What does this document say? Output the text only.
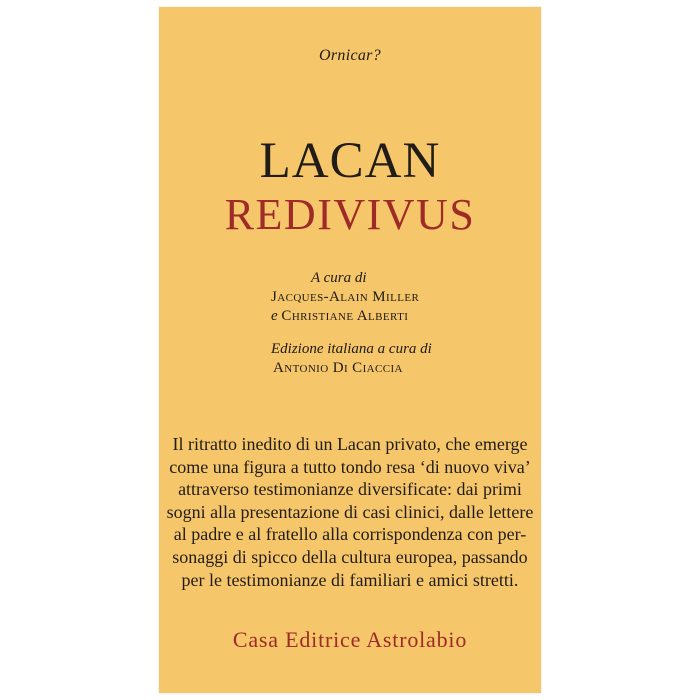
Ornicar?
LACAN
REDIVIVUS
A cura di
Jacques-Alain Miller
e Christiane Alberti
Edizione italiana a cura di
Antonio Di Ciaccia
Il ritratto inedito di un Lacan privato, che emerge
come una figura a tutto tondo resa ‘di nuovo viva’
attraverso testimonianze diversificate: dai primi
sogni alla presentazione di casi clinici, dalle lettere
al padre e al fratello alla corrispondenza con per-
sonaggi di spicco della cultura europea, passando
per le testimonianze di familiari e amici stretti.
Casa Editrice Astrolabio
